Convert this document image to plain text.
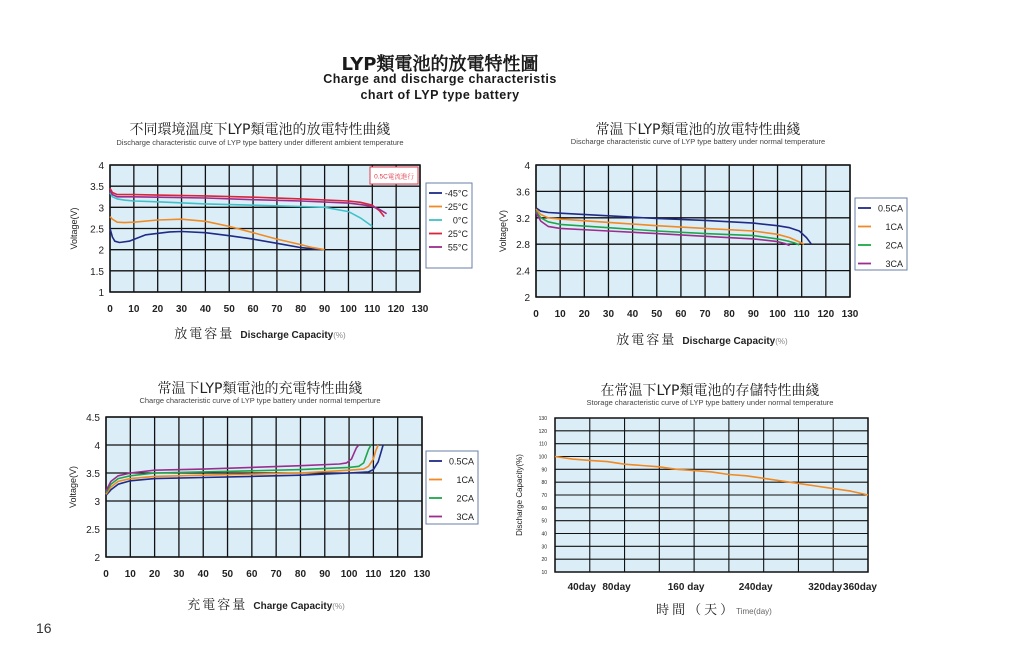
LYP類電池的放電特性圖
Charge and discharge characteristis
chart of LYP type battery
不同環境溫度下LYP類電池的放電特性曲綫
Discharge characteristic curve of LYP type battery under different ambient temperature
常温下LYP類電池的放電特性曲綫
Discharge characteristic curve of LYP type battery under normal temperature
常温下LYP類電池的充電特性曲綫
Charge characteristic curve of LYP type battery under normal temperture
在常温下LYP類電池的存儲特性曲綫
Storage characteristic curve of LYP type battery under normal temperature
0 10 20 30 40 50 60 70 80 90 100 110 120 130
1
1.5
2
2.5
3
3.5
4
Voltage(V)
放電容量 Discharge Capacity(%)
-45°C
-25°C
0°C
25°C
55°C
0.5C電流進行
0 10 20 30 40 50 60 70 80 90 100 110 120 130
2
2.4
2.8
3.2
3.6
4
Voltage(V)
放電容量 Discharge Capacity(%)
0.5CA
1CA
2CA
3CA
0 10 20 30 40 50 60 70 80 90 100 110 120 130
2
2.5
3
3.5
4
4.5
Voltage(V)
充電容量 Charge Capacity(%)
0.5CA
1CA
2CA
3CA
10
20
30
40
50
60
70
80
90
100
110
120
130
40day 80day	160 day	240day	320day 360day
Discharge Capacity(%)
時間（天）Time(day)
16
